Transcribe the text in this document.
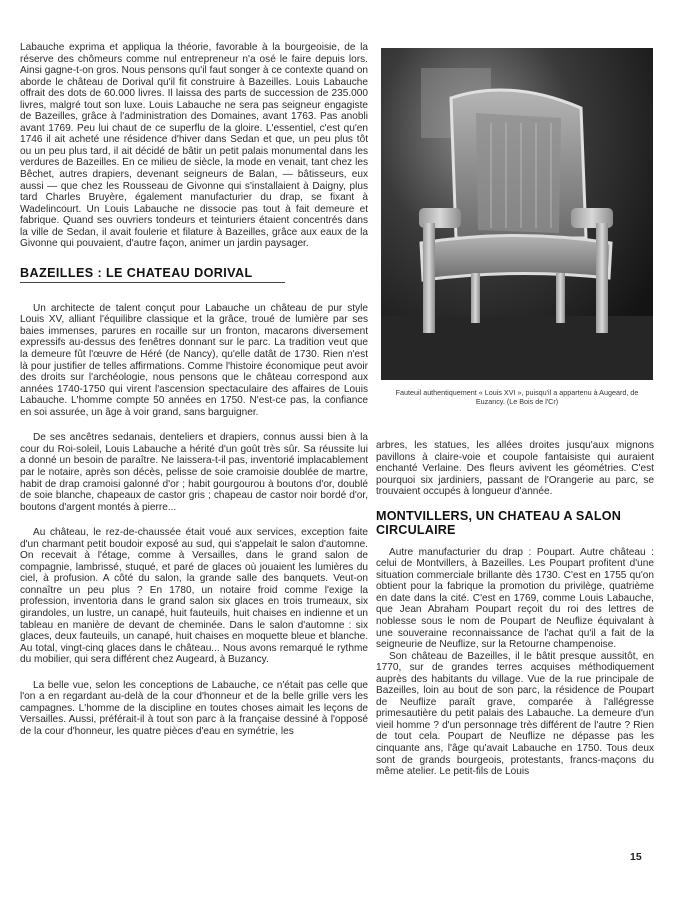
Labauche exprima et appliqua la théorie, favorable à la bourgeoisie, de la réserve des chômeurs comme nul entrepreneur n'a osé le faire depuis lors. Ainsi gagne-t-on gros. Nous pensons qu'il faut songer à ce contexte quand on aborde le château de Dorival qu'il fit construire à Bazeilles. Louis Labauche offrait des dots de 60.000 livres. Il laissa des parts de succession de 235.000 livres, malgré tout son luxe. Louis Labauche ne sera pas seigneur engagiste de Bazeilles, grâce à l'administration des Domaines, avant 1763. Pas anobli avant 1769. Peu lui chaut de ce superflu de la gloire. L'essentiel, c'est qu'en 1746 il ait acheté une résidence d'hiver dans Sedan et que, un peu plus tôt ou un peu plus tard, il ait décidé de bâtir un petit palais monumental dans les verdures de Bazeilles. En ce milieu de siècle, la mode en venait, tant chez les Bêchet, autres drapiers, devenant seigneurs de Balan, — bâtisseurs, eux aussi — que chez les Rousseau de Givonne qui s'installaient à Daigny, plus tard Charles Bruyère, également manufacturier du drap, se fixant à Wadelincourt. Un Louis Labauche ne dissocie pas tout à fait demeure et fabrique. Quand ses ouvriers tondeurs et teinturiers étaient concentrés dans la ville de Sedan, il avait foulerie et filature à Bazeilles, grâce aux eaux de la Givonne qui pouvaient, d'autre façon, animer un jardin paysager.

BAZEILLES : LE CHATEAU DORIVAL

Un architecte de talent conçut pour Labauche un château de pur style Louis XV, alliant l'équilibre classique et la grâce, troué de lumière par ses baies immenses, parures en rocaille sur un fronton, macarons diversement expressifs au-dessus des fenêtres donnant sur le parc. La tradition veut que la demeure fût l'œuvre de Héré (de Nancy), qu'elle datât de 1730. Rien n'est là pour justifier de telles affirmations. Comme l'histoire économique peut avoir des droits sur l'archéologie, nous pensons que le château correspond aux années 1740-1750 qui virent l'ascension spectaculaire des affaires de Louis Labauche. L'homme compte 50 années en 1750. N'est-ce pas, la confiance en soi assurée, un âge à voir grand, sans barguigner.

De ses ancêtres sedanais, denteliers et drapiers, connus aussi bien à la cour du Roi-soleil, Louis Labauche a hérité d'un goût très sûr. Sa réussite lui a donné un besoin de paraître. Ne laissera-t-il pas, inventorié implacablement par le notaire, après son décès, pelisse de soie cramoisie doublée de martre, habit de drap cramoisi galonné d'or ; habit gourgourou à boutons d'or, doublé de soie blanche, chapeaux de castor gris ; chapeau de castor noir bordé d'or, boutons d'argent montés à pierre...

Au château, le rez-de-chaussée était voué aux services, exception faite d'un charmant petit boudoir exposé au sud, qui s'appelait le salon d'automne. On recevait à l'étage, comme à Versailles, dans le grand salon de compagnie, lambrissé, stuqué, et paré de glaces où jouaient les lumières du ciel, à profusion. A côté du salon, la grande salle des banquets. Veut-on connaître un peu plus ? En 1780, un notaire froid comme l'exige la profession, inventoria dans le grand salon six glaces en trois trumeaux, six girandoles, un lustre, un canapé, huit fauteuils, huit chaises en indienne et un tableau en manière de devant de cheminée. Dans le salon d'automne : six glaces, deux fauteuils, un canapé, huit chaises en moquette bleue et blanche. Au total, vingt-cinq glaces dans le château... Nous avons remarqué le rythme du mobilier, qui sera différent chez Augeard, à Buzancy.

La belle vue, selon les conceptions de Labauche, ce n'était pas celle que l'on a en regardant au-delà de la cour d'honneur et de la belle grille vers les campagnes. L'homme de la discipline en toutes choses aimait les leçons de Versailles. Aussi, préférait-il à tout son parc à la française dessiné à l'opposé de la cour d'honneur, les quatre pièces d'eau en symétrie, les

Fauteuil authentiquement « Louis XVI », puisqu'il a appartenu à Augeard, de Euzancy. (Le Bois de l'Cr)

arbres, les statues, les allées droites jusqu'aux mignons pavillons à claire-voie et coupole fantaisiste qui auraient enchanté Verlaine. Des fleurs avivent les géométries. C'est pourquoi six jardiniers, passant de l'Orangerie au parc, se trouvaient occupés à longueur d'année.

MONTVILLERS, UN CHATEAU A SALON
CIRCULAIRE

Autre manufacturier du drap : Poupart. Autre château : celui de Montvillers, à Bazeilles. Les Poupart profitent d'une situation commerciale brillante dès 1730. C'est en 1755 qu'on obtient pour la fabrique la promotion du privilège, quatrième en date dans la cité. C'est en 1769, comme Louis Labauche, que Jean Abraham Poupart reçoit du roi des lettres de noblesse sous le nom de Poupart de Neuflize équivalant à une souveraine reconnaissance de l'achat qu'il a fait de la seigneurie de Neuflize, sur la Retourne champenoise.

Son château de Bazeilles, il le bâtit presque aussitôt, en 1770, sur de grandes terres acquises méthodiquement auprès des habitants du village. Vue de la rue principale de Bazeilles, loin au bout de son parc, la résidence de Poupart de Neuflize paraît grave, comparée à l'allégresse primesautière du petit palais des Labauche. La demeure d'un vieil homme ? d'un personnage très différent de l'autre ? Rien de tout cela. Poupart de Neuflize ne dépasse pas les cinquante ans, l'âge qu'avait Labauche en 1750. Tous deux sont de grands bourgeois, protestants, francs-maçons du même atelier. Le petit-fils de Louis

15
